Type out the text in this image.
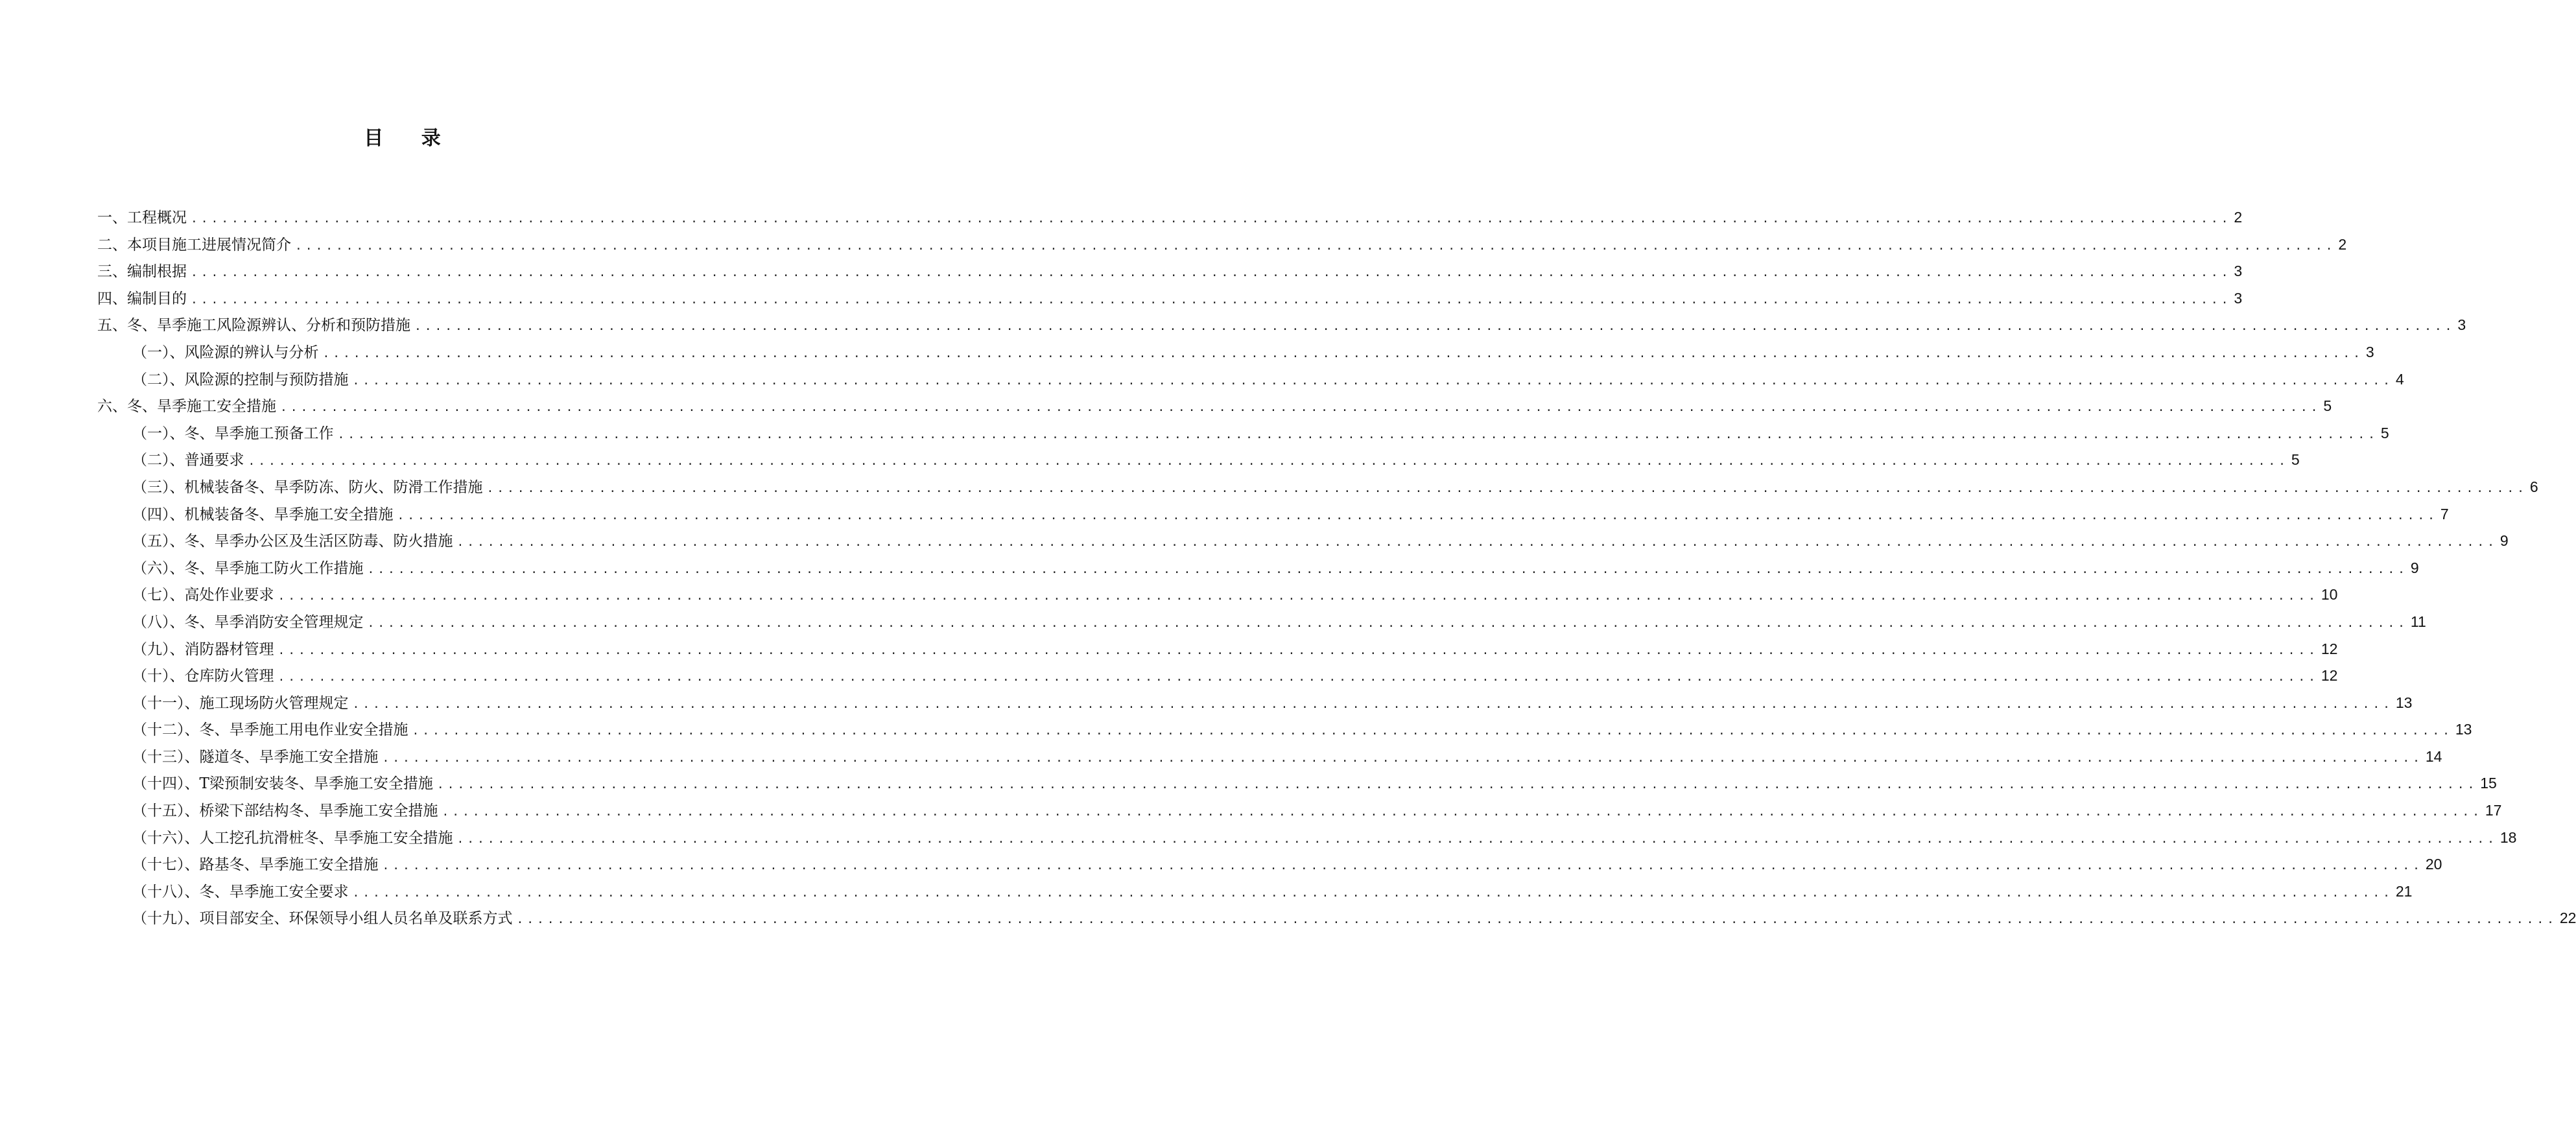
目 录
一、工程概况 ........................................................................................................................................................................................................ 2
二、本项目施工进展情况简介 ........................................................................................................................................................................................................ 2
三、编制根据 ........................................................................................................................................................................................................ 3
四、编制目的 ........................................................................................................................................................................................................ 3
五、冬、旱季施工风险源辨认、分析和预防措施 ........................................................................................................................................................................................................ 3
（一）、风险源的辨认与分析 ........................................................................................................................................................................................................ 3
（二）、风险源的控制与预防措施 ........................................................................................................................................................................................................ 4
六、冬、旱季施工安全措施 ........................................................................................................................................................................................................ 5
（一）、冬、旱季施工预备工作 ........................................................................................................................................................................................................ 5
（二）、普通要求 ........................................................................................................................................................................................................ 5
（三）、机械装备冬、旱季防冻、防火、防滑工作措施 ........................................................................................................................................................................................................ 6
（四）、机械装备冬、旱季施工安全措施 ........................................................................................................................................................................................................ 7
（五）、冬、旱季办公区及生活区防毒、防火措施 ........................................................................................................................................................................................................ 9
（六）、冬、旱季施工防火工作措施 ........................................................................................................................................................................................................ 9
（七）、高处作业要求 ........................................................................................................................................................................................................ 10
（八）、冬、旱季消防安全管理规定 ........................................................................................................................................................................................................ 11
（九）、消防器材管理 ........................................................................................................................................................................................................ 12
（十）、仓库防火管理 ........................................................................................................................................................................................................ 12
（十一）、施工现场防火管理规定 ........................................................................................................................................................................................................ 13
（十二）、冬、旱季施工用电作业安全措施 ........................................................................................................................................................................................................ 13
（十三）、隧道冬、旱季施工安全措施 ........................................................................................................................................................................................................ 14
（十四）、T梁预制安装冬、旱季施工安全措施 ........................................................................................................................................................................................................ 15
（十五）、桥梁下部结构冬、旱季施工安全措施 ........................................................................................................................................................................................................ 17
（十六）、人工挖孔抗滑桩冬、旱季施工安全措施 ........................................................................................................................................................................................................ 18
（十七）、路基冬、旱季施工安全措施 ........................................................................................................................................................................................................ 20
（十八）、冬、旱季施工安全要求 ........................................................................................................................................................................................................ 21
（十九）、项目部安全、环保领导小组人员名单及联系方式 ........................................................................................................................................................................................................ 22
